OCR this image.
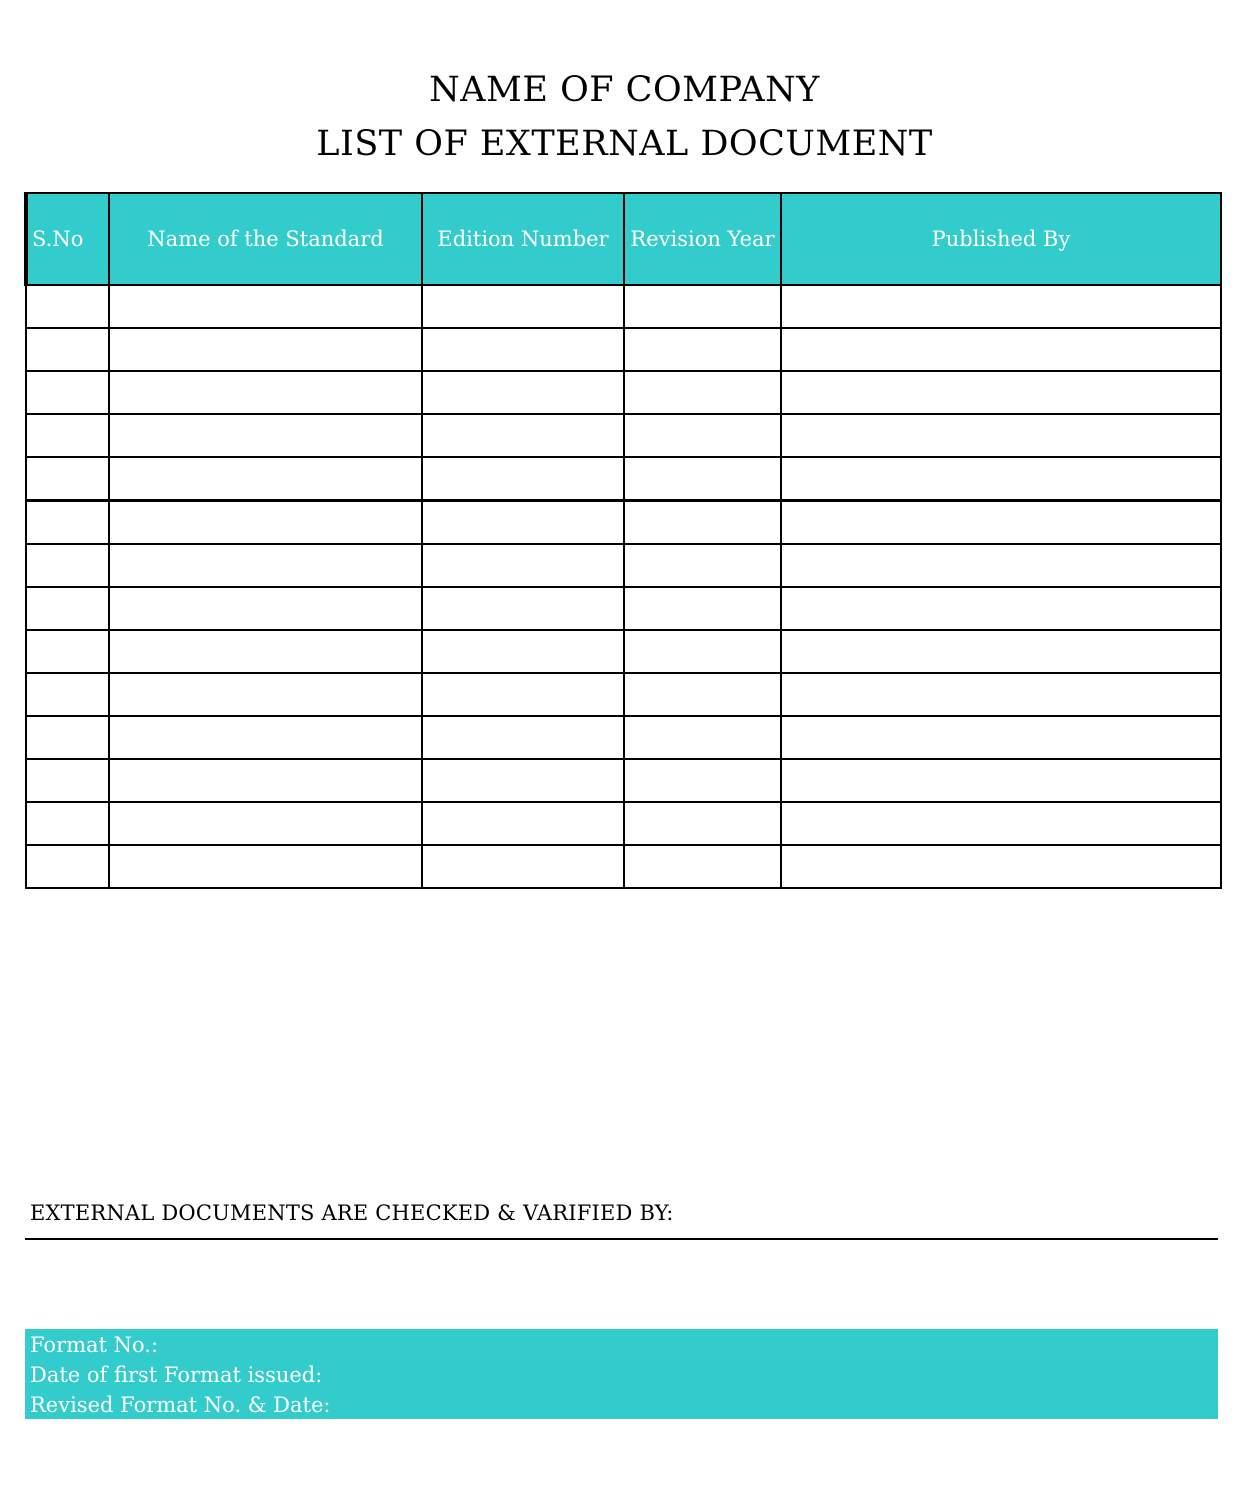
NAME OF COMPANY
LIST OF EXTERNAL DOCUMENT
S.No	Name of the Standard	Edition Number	Revision Year	Published By

EXTERNAL DOCUMENTS ARE CHECKED & VARIFIED BY:
Format No.:
Date of first Format issued:
Revised Format No. & Date:
